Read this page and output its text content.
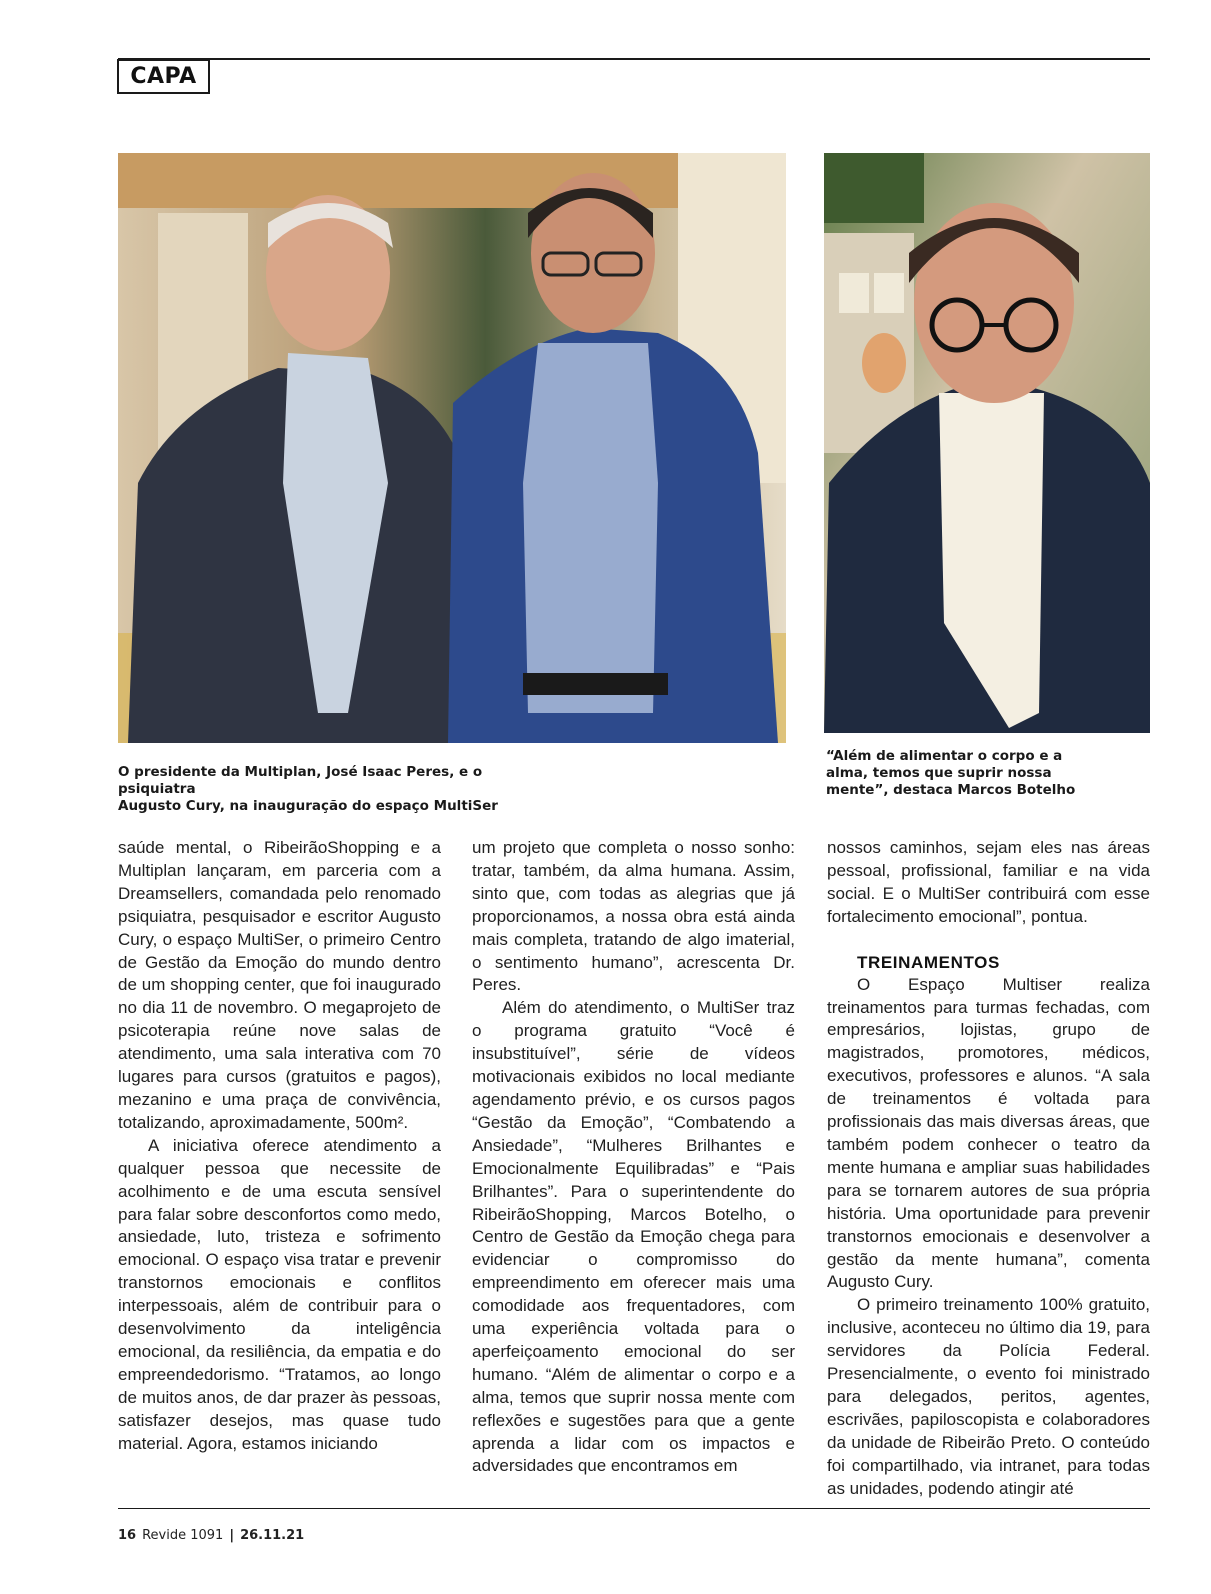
CAPA
O presidente da Multiplan, José Isaac Peres, e o psiquiatra
Augusto Cury, na inauguração do espaço MultiSer
“Além de alimentar o corpo e a
alma, temos que suprir nossa
mente”, destaca Marcos Botelho

saúde mental, o RibeirãoShopping e a Multiplan lançaram, em parceria com a Dreamsellers, comandada pelo renomado psiquiatra, pesquisador e escritor Augusto Cury, o espaço MultiSer, o primeiro Centro de Gestão da Emoção do mundo dentro de um shopping center, que foi inaugurado no dia 11 de novembro. O megaprojeto de psicoterapia reúne nove salas de atendimento, uma sala interativa com 70 lugares para cursos (gratuitos e pagos), mezanino e uma praça de convivência, totalizando, aproximadamente, 500m².

A iniciativa oferece atendimento a qualquer pessoa que necessite de acolhimento e de uma escuta sensível para falar sobre desconfortos como medo, ansiedade, luto, tristeza e sofrimento emocional. O espaço visa tratar e prevenir transtornos emocionais e conflitos interpessoais, além de contribuir para o desenvolvimento da inteligência emocional, da resiliência, da empatia e do empreendedorismo. “Tratamos, ao longo de muitos anos, de dar prazer às pessoas, satisfazer desejos, mas quase tudo material. Agora, estamos iniciando

um projeto que completa o nosso sonho: tratar, também, da alma humana. Assim, sinto que, com todas as alegrias que já proporcionamos, a nossa obra está ainda mais completa, tratando de algo imaterial, o sentimento humano”, acrescenta Dr. Peres.

Além do atendimento, o MultiSer traz o programa gratuito “Você é insubstituível”, série de vídeos motivacionais exibidos no local mediante agendamento prévio, e os cursos pagos “Gestão da Emoção”, “Combatendo a Ansiedade”, “Mulheres Brilhantes e Emocionalmente Equilibradas” e “Pais Brilhantes”. Para o superintendente do RibeirãoShopping, Marcos Botelho, o Centro de Gestão da Emoção chega para evidenciar o compromisso do empreendimento em oferecer mais uma comodidade aos frequentadores, com uma experiência voltada para o aperfeiçoamento emocional do ser humano. “Além de alimentar o corpo e a alma, temos que suprir nossa mente com reflexões e sugestões para que a gente aprenda a lidar com os impactos e adversidades que encontramos em

nossos caminhos, sejam eles nas áreas pessoal, profissional, familiar e na vida social. E o MultiSer contribuirá com esse fortalecimento emocional”, pontua.

TREINAMENTOS

O Espaço Multiser realiza treinamentos para turmas fechadas, com empresários, lojistas, grupo de magistrados, promotores, médicos, executivos, professores e alunos. “A sala de treinamentos é voltada para profissionais das mais diversas áreas, que também podem conhecer o teatro da mente humana e ampliar suas habilidades para se tornarem autores de sua própria história. Uma oportunidade para prevenir transtornos emocionais e desenvolver a gestão da mente humana”, comenta Augusto Cury.

O primeiro treinamento 100% gratuito, inclusive, aconteceu no último dia 19, para servidores da Polícia Federal. Presencialmente, o evento foi ministrado para delegados, peritos, agentes, escrivães, papiloscopista e colaboradores da unidade de Ribeirão Preto. O conteúdo foi compartilhado, via intranet, para todas as unidades, podendo atingir até

16 Revide 1091 | 26.11.21
